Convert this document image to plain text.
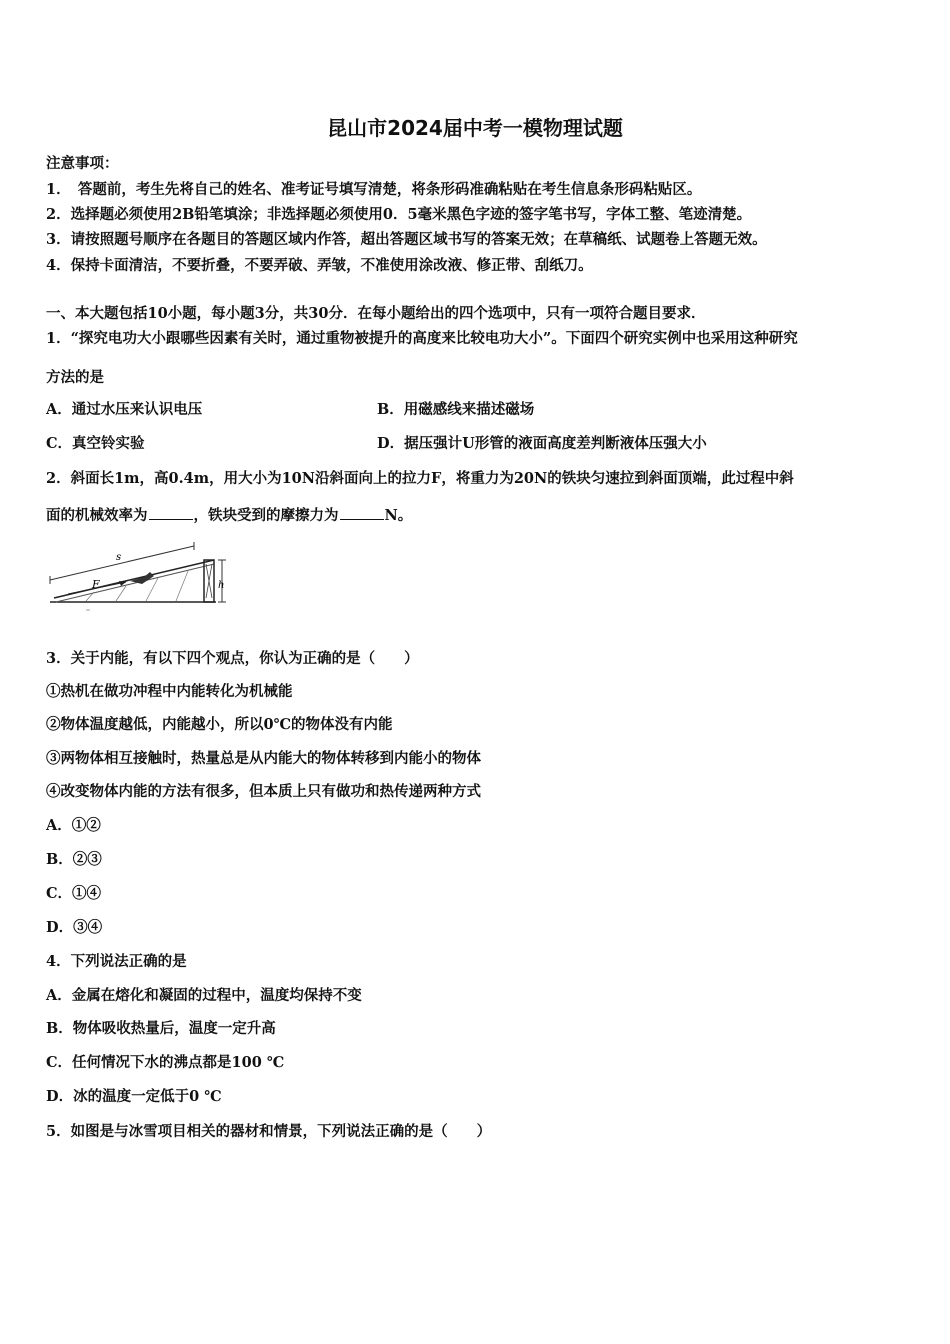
昆山市2024届中考一模物理试题
注意事项：
1．　答题前，考生先将自己的姓名、准考证号填写清楚，将条形码准确粘贴在考生信息条形码粘贴区。
2．选择题必须使用2B铅笔填涂；非选择题必须使用0．5毫米黑色字迹的签字笔书写，字体工整、笔迹清楚。
3．请按照题号顺序在各题目的答题区域内作答，超出答题区域书写的答案无效；在草稿纸、试题卷上答题无效。
4．保持卡面清洁，不要折叠，不要弄破、弄皱，不准使用涂改液、修正带、刮纸刀。
一、本大题包括10小题，每小题3分，共30分．在每小题给出的四个选项中，只有一项符合题目要求．
1．“探究电功大小跟哪些因素有关时，通过重物被提升的高度来比较电功大小”。下面四个研究实例中也采用这种研究
方法的是
A．通过水压来认识电压	B．用磁感线来描述磁场
C．真空铃实验	D．据压强计U形管的液面高度差判断液体压强大小
2．斜面长1m，高0.4m，用大小为10N沿斜面向上的拉力F，将重力为20N的铁块匀速拉到斜面顶端，此过程中斜
面的机械效率为	，铁块受到的摩擦力为	N。
s
F	h
3．关于内能，有以下四个观点，你认为正确的是（　　）
①热机在做功冲程中内能转化为机械能
②物体温度越低，内能越小，所以0℃的物体没有内能
③两物体相互接触时，热量总是从内能大的物体转移到内能小的物体
④改变物体内能的方法有很多，但本质上只有做功和热传递两种方式
A．①②
B．②③
C．①④
D．③④
4．下列说法正确的是
A．金属在熔化和凝固的过程中，温度均保持不变
B．物体吸收热量后，温度一定升高
C．任何情况下水的沸点都是100 ℃
D．冰的温度一定低于0 ℃
5．如图是与冰雪项目相关的器材和情景，下列说法正确的是（　　）
